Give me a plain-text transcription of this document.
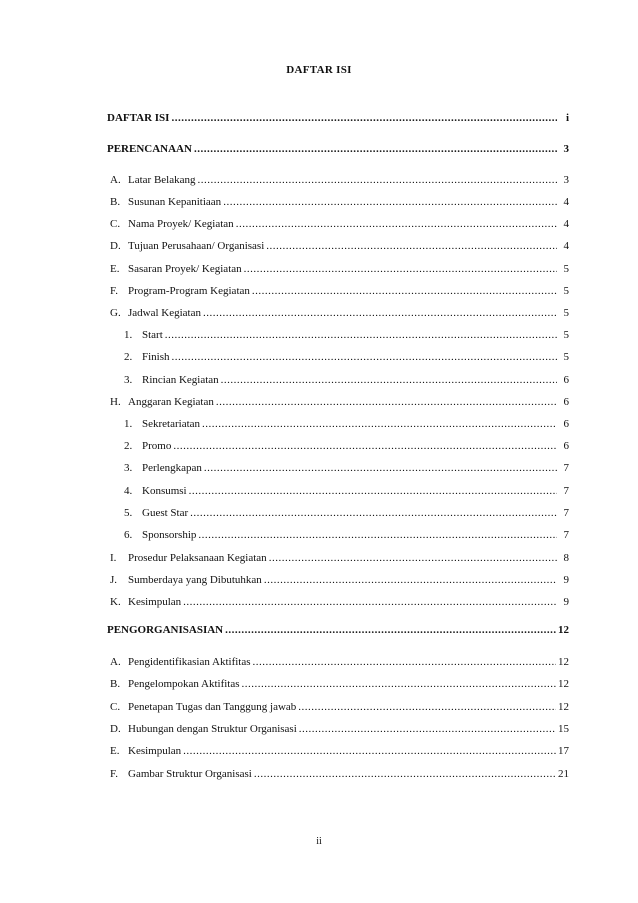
DAFTAR ISI
DAFTAR ISI .....	i
PERENCANAAN .....	3
A. Latar Belakang .....	3
B. Susunan Kepanitiaan .....	4
C. Nama Proyek/ Kegiatan .....	4
D. Tujuan Perusahaan/ Organisasi .....	4
E. Sasaran Proyek/ Kegiatan .....	5
F. Program-Program Kegiatan .....	5
G. Jadwal Kegiatan .....	5
1. Start .....	5
2. Finish .....	5
3. Rincian Kegiatan .....	6
H. Anggaran Kegiatan .....	6
1. Sekretariatan .....	6
2. Promo .....	6
3. Perlengkapan .....	7
4. Konsumsi .....	7
5. Guest Star .....	7
6. Sponsorship .....	7
I. Prosedur Pelaksanaan Kegiatan .....	8
J. Sumberdaya yang Dibutuhkan .....	9
K. Kesimpulan .....	9
PENGORGANISASIAN .....	12
A. Pengidentifikasian Aktifitas .....	12
B. Pengelompokan Aktifitas .....	12
C. Penetapan Tugas dan Tanggung jawab .....	12
D. Hubungan dengan Struktur Organisasi .....	15
E. Kesimpulan .....	17
F. Gambar Struktur Organisasi .....	21
ii
